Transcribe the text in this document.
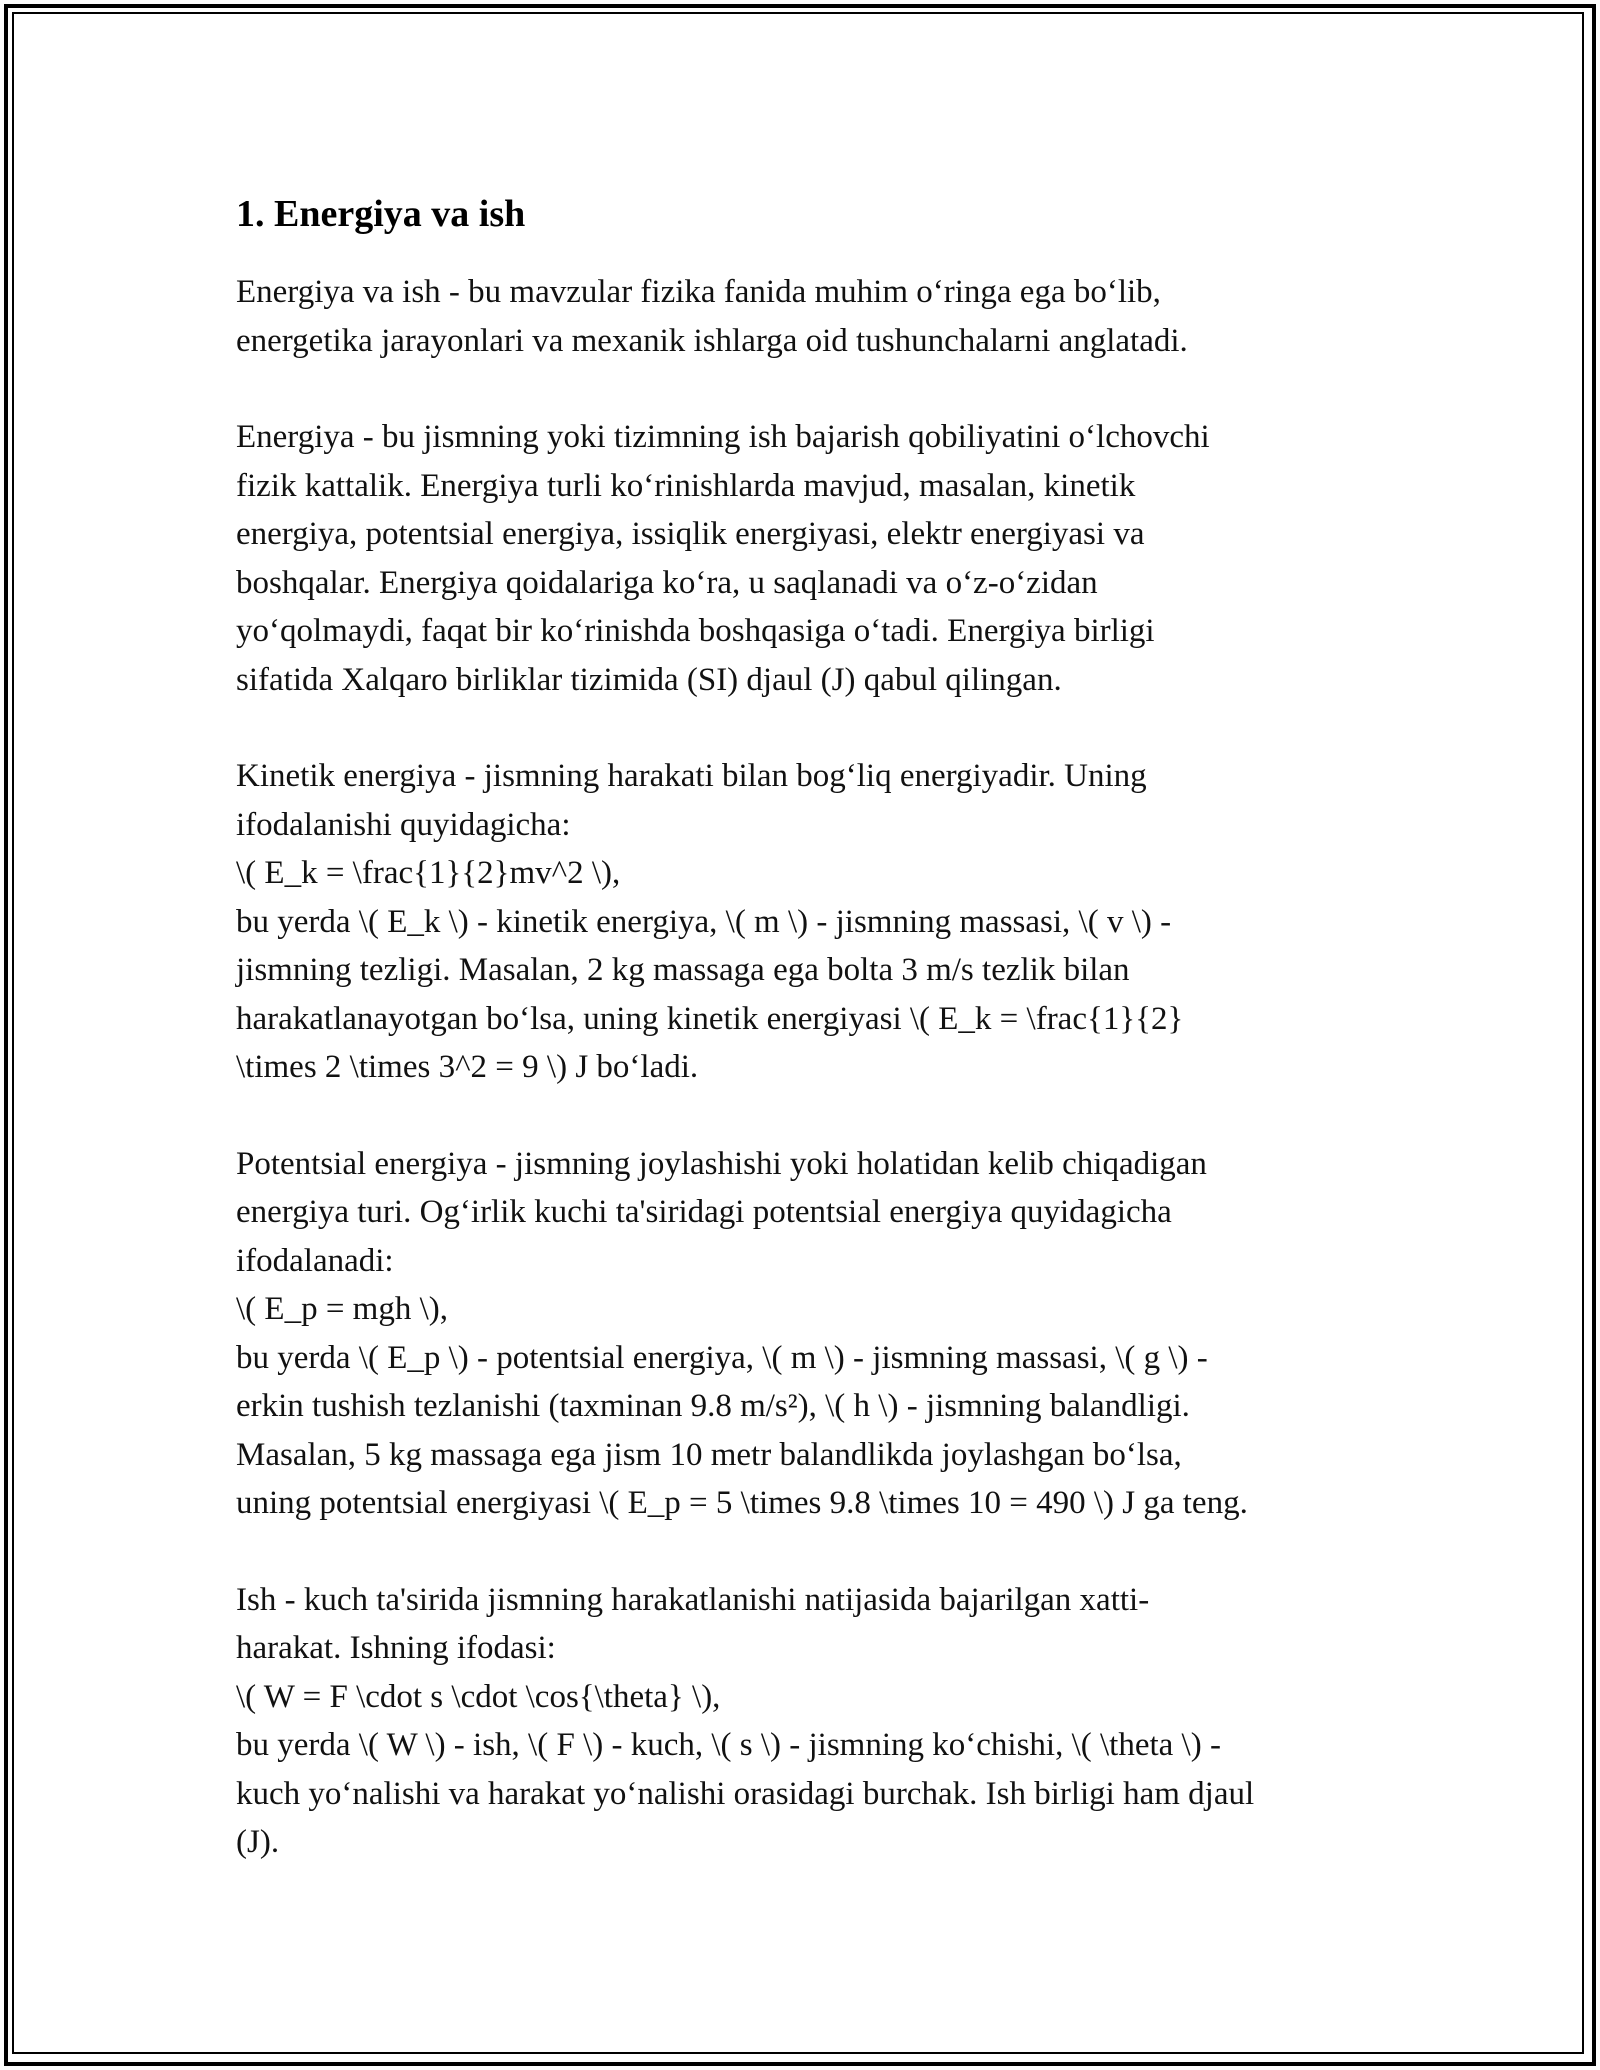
1. Energiya va ish

Energiya va ish - bu mavzular fizika fanida muhim o‘ringa ega bo‘lib,
energetika jarayonlari va mexanik ishlarga oid tushunchalarni anglatadi.

Energiya - bu jismning yoki tizimning ish bajarish qobiliyatini o‘lchovchi
fizik kattalik. Energiya turli ko‘rinishlarda mavjud, masalan, kinetik
energiya, potentsial energiya, issiqlik energiyasi, elektr energiyasi va
boshqalar. Energiya qoidalariga ko‘ra, u saqlanadi va o‘z-o‘zidan
yo‘qolmaydi, faqat bir ko‘rinishda boshqasiga o‘tadi. Energiya birligi
sifatida Xalqaro birliklar tizimida (SI) djaul (J) qabul qilingan.

Kinetik energiya - jismning harakati bilan bog‘liq energiyadir. Uning
ifodalanishi quyidagicha:
\( E_k = \frac{1}{2}mv^2 \),
bu yerda \( E_k \) - kinetik energiya, \( m \) - jismning massasi, \( v \) -
jismning tezligi. Masalan, 2 kg massaga ega bolta 3 m/s tezlik bilan
harakatlanayotgan bo‘lsa, uning kinetik energiyasi \( E_k = \frac{1}{2}
\times 2 \times 3^2 = 9 \) J bo‘ladi.

Potentsial energiya - jismning joylashishi yoki holatidan kelib chiqadigan
energiya turi. Og‘irlik kuchi ta'siridagi potentsial energiya quyidagicha
ifodalanadi:
\( E_p = mgh \),
bu yerda \( E_p \) - potentsial energiya, \( m \) - jismning massasi, \( g \) -
erkin tushish tezlanishi (taxminan 9.8 m/s²), \( h \) - jismning balandligi.
Masalan, 5 kg massaga ega jism 10 metr balandlikda joylashgan bo‘lsa,
uning potentsial energiyasi \( E_p = 5 \times 9.8 \times 10 = 490 \) J ga teng.

Ish - kuch ta'sirida jismning harakatlanishi natijasida bajarilgan xatti-
harakat. Ishning ifodasi:
\( W = F \cdot s \cdot \cos{\theta} \),
bu yerda \( W \) - ish, \( F \) - kuch, \( s \) - jismning ko‘chishi, \( \theta \) -
kuch yo‘nalishi va harakat yo‘nalishi orasidagi burchak. Ish birligi ham djaul
(J).
